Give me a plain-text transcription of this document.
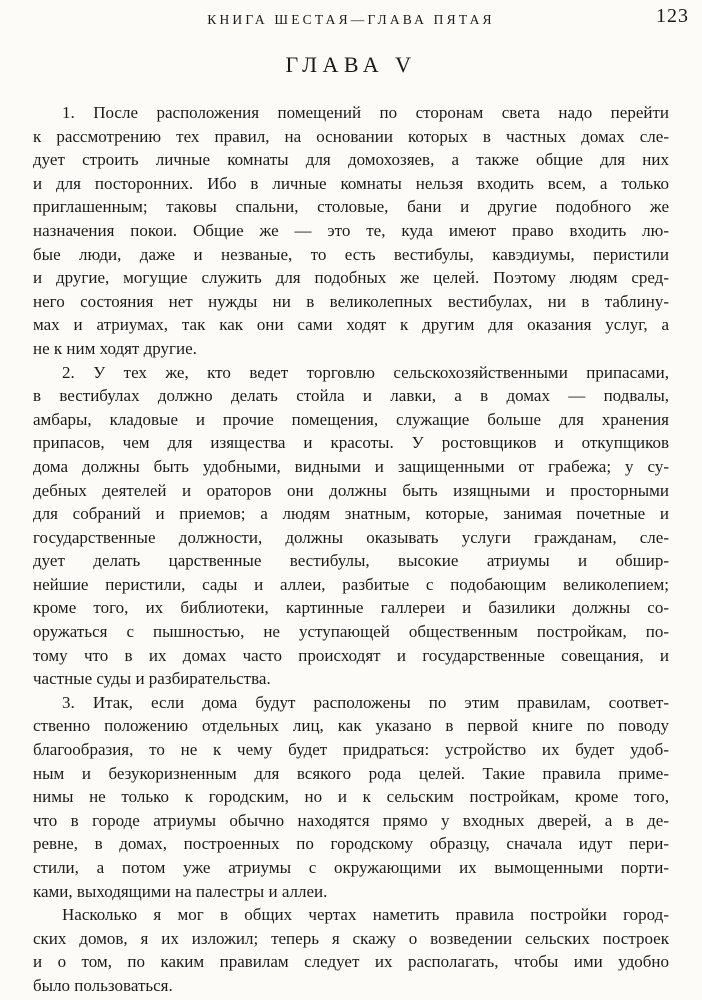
КНИГА ШЕСТАЯ—ГЛАВА ПЯТАЯ	123
ГЛАВА V
1. После расположения помещений по сторонам света надо перейти
к рассмотрению тех правил, на основании которых в частных домах сле-
дует строить личные комнаты для домохозяев, а также общие для них
и для посторонних. Ибо в личные комнаты нельзя входить всем, а только
приглашенным; таковы спальни, столовые, бани и другие подобного же
назначения покои. Общие же — это те, куда имеют право входить лю-
бые люди, даже и незваные, то есть вестибулы, кавэдиумы, перистили
и другие, могущие служить для подобных же целей. Поэтому людям сред-
него состояния нет нужды ни в великолепных вестибулах, ни в таблину-
мах и атриумах, так как они сами ходят к другим для оказания услуг, а
не к ним ходят другие.
2. У тех же, кто ведет торговлю сельскохозяйственными припасами,
в вестибулах должно делать стойла и лавки, а в домах — подвалы,
амбары, кладовые и прочие помещения, служащие больше для хранения
припасов, чем для изящества и красоты. У ростовщиков и откупщиков
дома должны быть удобными, видными и защищенными от грабежа; у су-
дебных деятелей и ораторов они должны быть изящными и просторными
для собраний и приемов; а людям знатным, которые, занимая почетные и
государственные должности, должны оказывать услуги гражданам, сле-
дует делать царственные вестибулы, высокие атриумы и обшир-
нейшие перистили, сады и аллеи, разбитые с подобающим великолепием;
кроме того, их библиотеки, картинные галлереи и базилики должны со-
оружаться с пышностью, не уступающей общественным постройкам, по-
тому что в их домах часто происходят и государственные совещания, и
частные суды и разбирательства.
3. Итак, если дома будут расположены по этим правилам, соответ-
ственно положению отдельных лиц, как указано в первой книге по поводу
благообразия, то не к чему будет придраться: устройство их будет удоб-
ным и безукоризненным для всякого рода целей. Такие правила приме-
нимы не только к городским, но и к сельским постройкам, кроме того,
что в городе атриумы обычно находятся прямо у входных дверей, а в де-
ревне, в домах, построенных по городскому образцу, сначала идут пери-
стили, а потом уже атриумы с окружающими их вымощенными порти-
ками, выходящими на палестры и аллеи.
Насколько я мог в общих чертах наметить правила постройки город-
ских домов, я их изложил; теперь я скажу о возведении сельских построек
и о том, по каким правилам следует их располагать, чтобы ими удобно
было пользоваться.
